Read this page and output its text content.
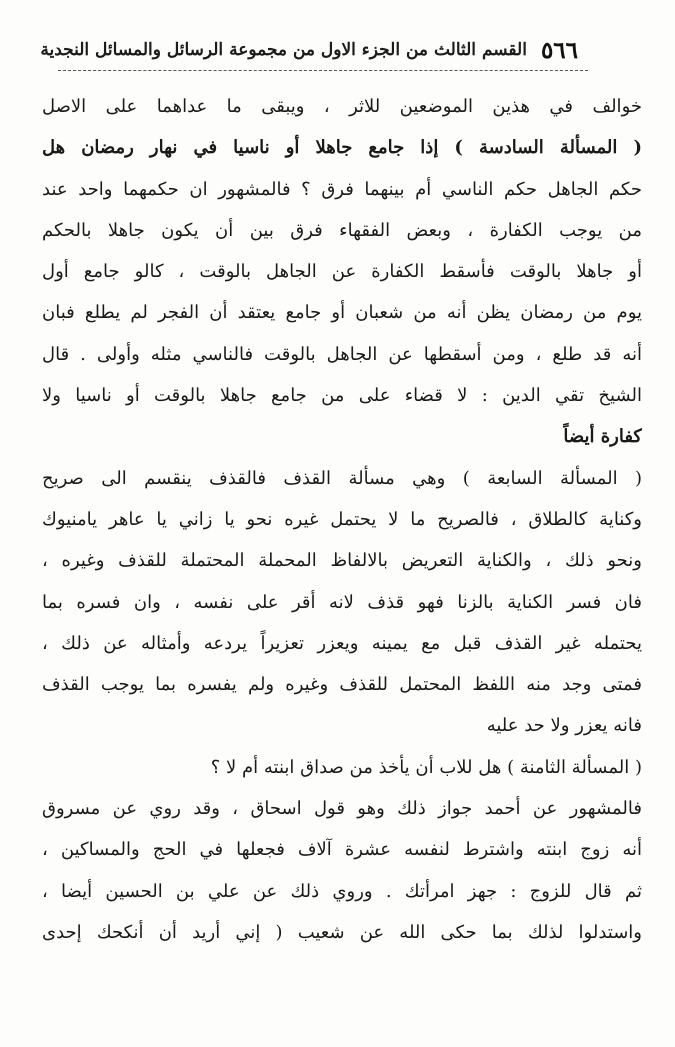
٥٦٦
القسم الثالث من الجزء الاول من مجموعة الرسائل والمسائل النجدية
خوالف في هذين الموضعين للاثر ، ويبقى ما عداهما على الاصل
( المسألة السادسة ) إذا جامع جاهلا أو ناسيا في نهار رمضان هل
حكم الجاهل حكم الناسي أم بينهما فرق ؟ فالمشهور ان حكمهما واحد عند
من يوجب الكفارة ، وبعض الفقهاء فرق بين أن يكون جاهلا بالحكم
أو جاهلا بالوقت فأسقط الكفارة عن الجاهل بالوقت ، كالو جامع أول
يوم من رمضان يظن أنه من شعبان أو جامع يعتقد أن الفجر لم يطلع فبان
أنه قد طلع ، ومن أسقطها عن الجاهل بالوقت فالناسي مثله وأولى . قال
الشيخ تقي الدين : لا قضاء على من جامع جاهلا بالوقت أو ناسيا ولا
كفارة أيضاً
( المسألة السابعة ) وهي مسألة القذف فالقذف ينقسم الى صريح
وكناية كالطلاق ، فالصريح ما لا يحتمل غيره نحو يا زاني يا عاهر يامنيوك
ونحو ذلك ، والكناية التعريض بالالفاظ المحملة المحتملة للقذف وغيره ،
فان فسر الكناية بالزنا فهو قذف لانه أقر على نفسه ، وان فسره بما
يحتمله غير القذف قبل مع يمينه ويعزر تعزيراً يردعه وأمثاله عن ذلك ،
فمتى وجد منه اللفظ المحتمل للقذف وغيره ولم يفسره بما يوجب القذف
فانه يعزر ولا حد عليه
( المسألة الثامنة ) هل للاب أن يأخذ من صداق ابنته أم لا ؟
فالمشهور عن أحمد جواز ذلك وهو قول اسحاق ، وقد روي عن مسروق
أنه زوج ابنته واشترط لنفسه عشرة آلاف فجعلها في الحج والمساكين ،
ثم قال للزوج : جهز امرأتك . وروي ذلك عن علي بن الحسين أيضا ،
واستدلوا لذلك بما حكى الله عن شعيب ( إني أريد أن أنكحك إحدى
